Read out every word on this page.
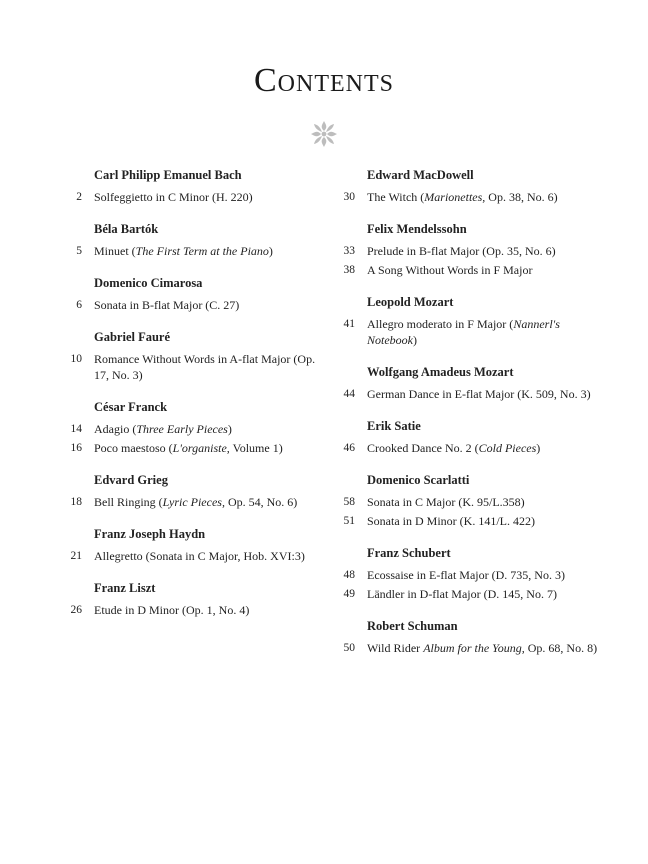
Contents
Carl Philipp Emanuel Bach
2 Solfeggietto in C Minor (H. 220)
Béla Bartók
5 Minuet (The First Term at the Piano)
Domenico Cimarosa
6 Sonata in B-flat Major (C. 27)
Gabriel Fauré
10 Romance Without Words in A-flat Major (Op. 17, No. 3)
César Franck
14 Adagio (Three Early Pieces)
16 Poco maestoso (L'organiste, Volume 1)
Edvard Grieg
18 Bell Ringing (Lyric Pieces, Op. 54, No. 6)
Franz Joseph Haydn
21 Allegretto (Sonata in C Major, Hob. XVI:3)
Franz Liszt
26 Etude in D Minor (Op. 1, No. 4)
Edward MacDowell
30 The Witch (Marionettes, Op. 38, No. 6)
Felix Mendelssohn
33 Prelude in B-flat Major (Op. 35, No. 6)
38 A Song Without Words in F Major
Leopold Mozart
41 Allegro moderato in F Major (Nannerl's Notebook)
Wolfgang Amadeus Mozart
44 German Dance in E-flat Major (K. 509, No. 3)
Erik Satie
46 Crooked Dance No. 2 (Cold Pieces)
Domenico Scarlatti
58 Sonata in C Major (K. 95/L.358)
51 Sonata in D Minor (K. 141/L. 422)
Franz Schubert
48 Ecossaise in E-flat Major (D. 735, No. 3)
49 Ländler in D-flat Major (D. 145, No. 7)
Robert Schuman
50 Wild Rider Album for the Young, Op. 68, No. 8)
